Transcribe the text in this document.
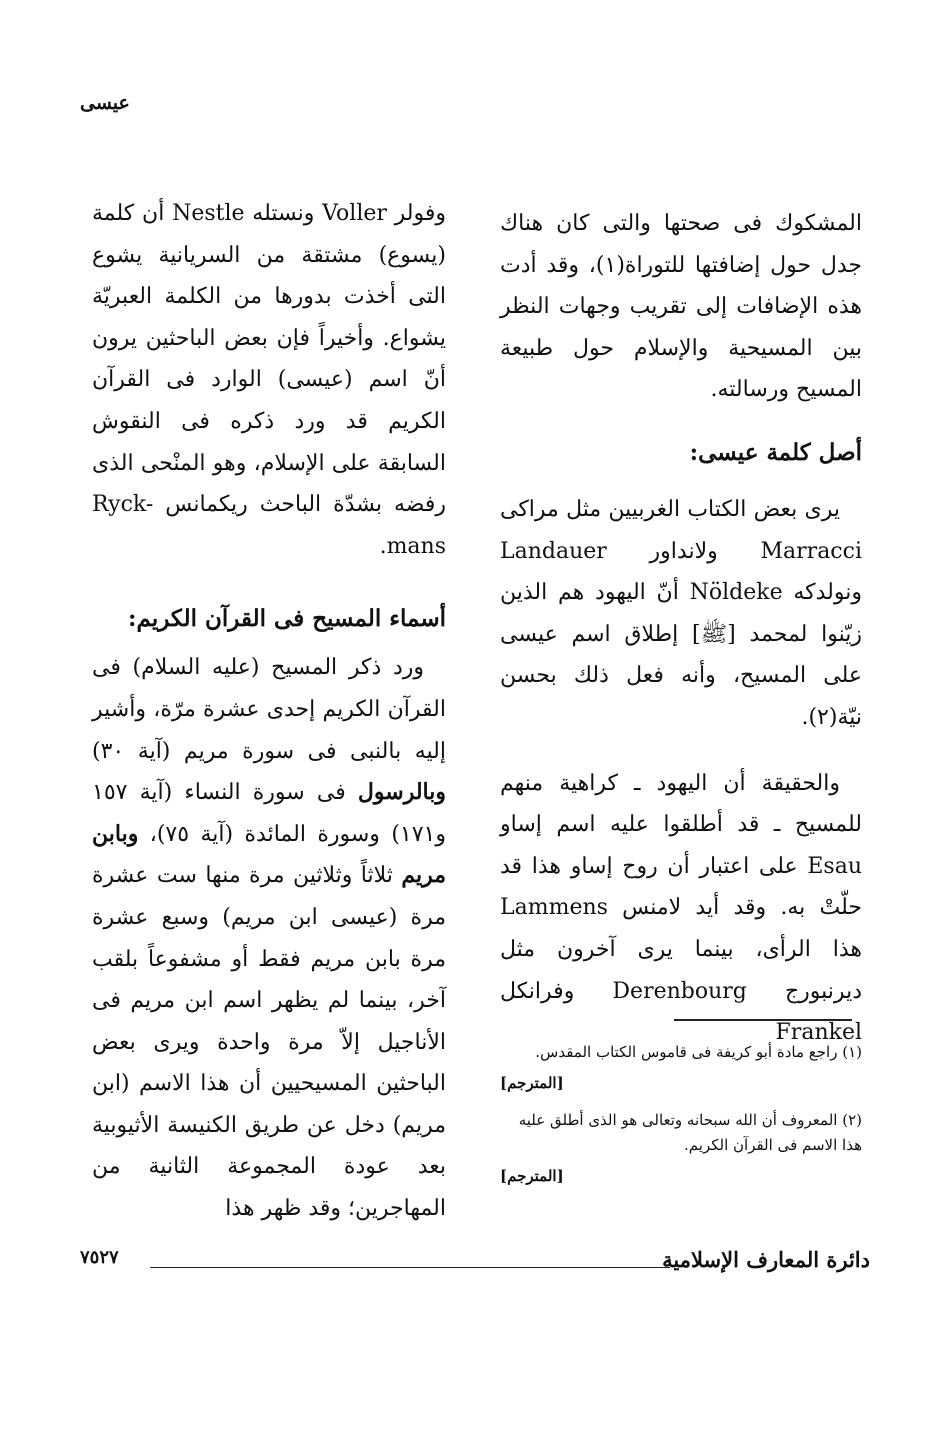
عيسى

المشكوك فى صحتها والتى كان هناك جدل حول إضافتها للتوراة(١)، وقد أدت هذه الإضافات إلى تقريب وجهات النظر بين المسيحية والإسلام حول طبيعة المسيح ورسالته.

أصل كلمة عيسى:

يرى بعض الكتاب الغربيين مثل مراكى Marracci ولانداور Landauer ونولدكه Nöldeke أنّ اليهود هم الذين زيّنوا لمحمد [ﷺ] إطلاق اسم عيسى على المسيح، وأنه فعل ذلك بحسن نيّة(٢).

والحقيقة أن اليهود ـ كراهية منهم للمسيح ـ قد أطلقوا عليه اسم إساو Esau على اعتبار أن روح إساو هذا قد حلّتْ به. وقد أيد لامنس Lammens هذا الرأى، بينما يرى آخرون مثل ديرنبورج Derenbourg وفرانكل Frankel

وفولر Voller ونستله Nestle أن كلمة (يسوع) مشتقة من السريانية يشوع التى أخذت بدورها من الكلمة العبريّة يشواع. وأخيراً فإن بعض الباحثين يرون أنّ اسم (عيسى) الوارد فى القرآن الكريم قد ورد ذكره فى النقوش السابقة على الإسلام، وهو المنْحى الذى رفضه بشدّة الباحث ريكمانس Ryck-mans.

أسماء المسيح فى القرآن الكريم:

ورد ذكر المسيح (عليه السلام) فى القرآن الكريم إحدى عشرة مرّة، وأشير إليه بالنبى فى سورة مريم (آية ٣٠) وبالرسول فى سورة النساء (آية ١٥٧ و١٧١) وسورة المائدة (آية ٧٥)، وبابن مريم ثلاثاً وثلاثين مرة منها ست عشرة مرة (عيسى ابن مريم) وسبع عشرة مرة بابن مريم فقط أو مشفوعاً بلقب آخر، بينما لم يظهر اسم ابن مريم فى الأناجيل إلاّ مرة واحدة ويرى بعض الباحثين المسيحيين أن هذا الاسم (ابن مريم) دخل عن طريق الكنيسة الأثيوبية بعد عودة المجموعة الثانية من المهاجرين؛ وقد ظهر هذا

(١) راجع مادة أبو كريفة فى قاموس الكتاب المقدس.
[المترجم]
(٢) المعروف أن الله سبحانه وتعالى هو الذى أطلق عليه هذا الاسم فى القرآن الكريم.
[المترجم]
دائرة المعارف الإسلامية
٧٥٢٧
